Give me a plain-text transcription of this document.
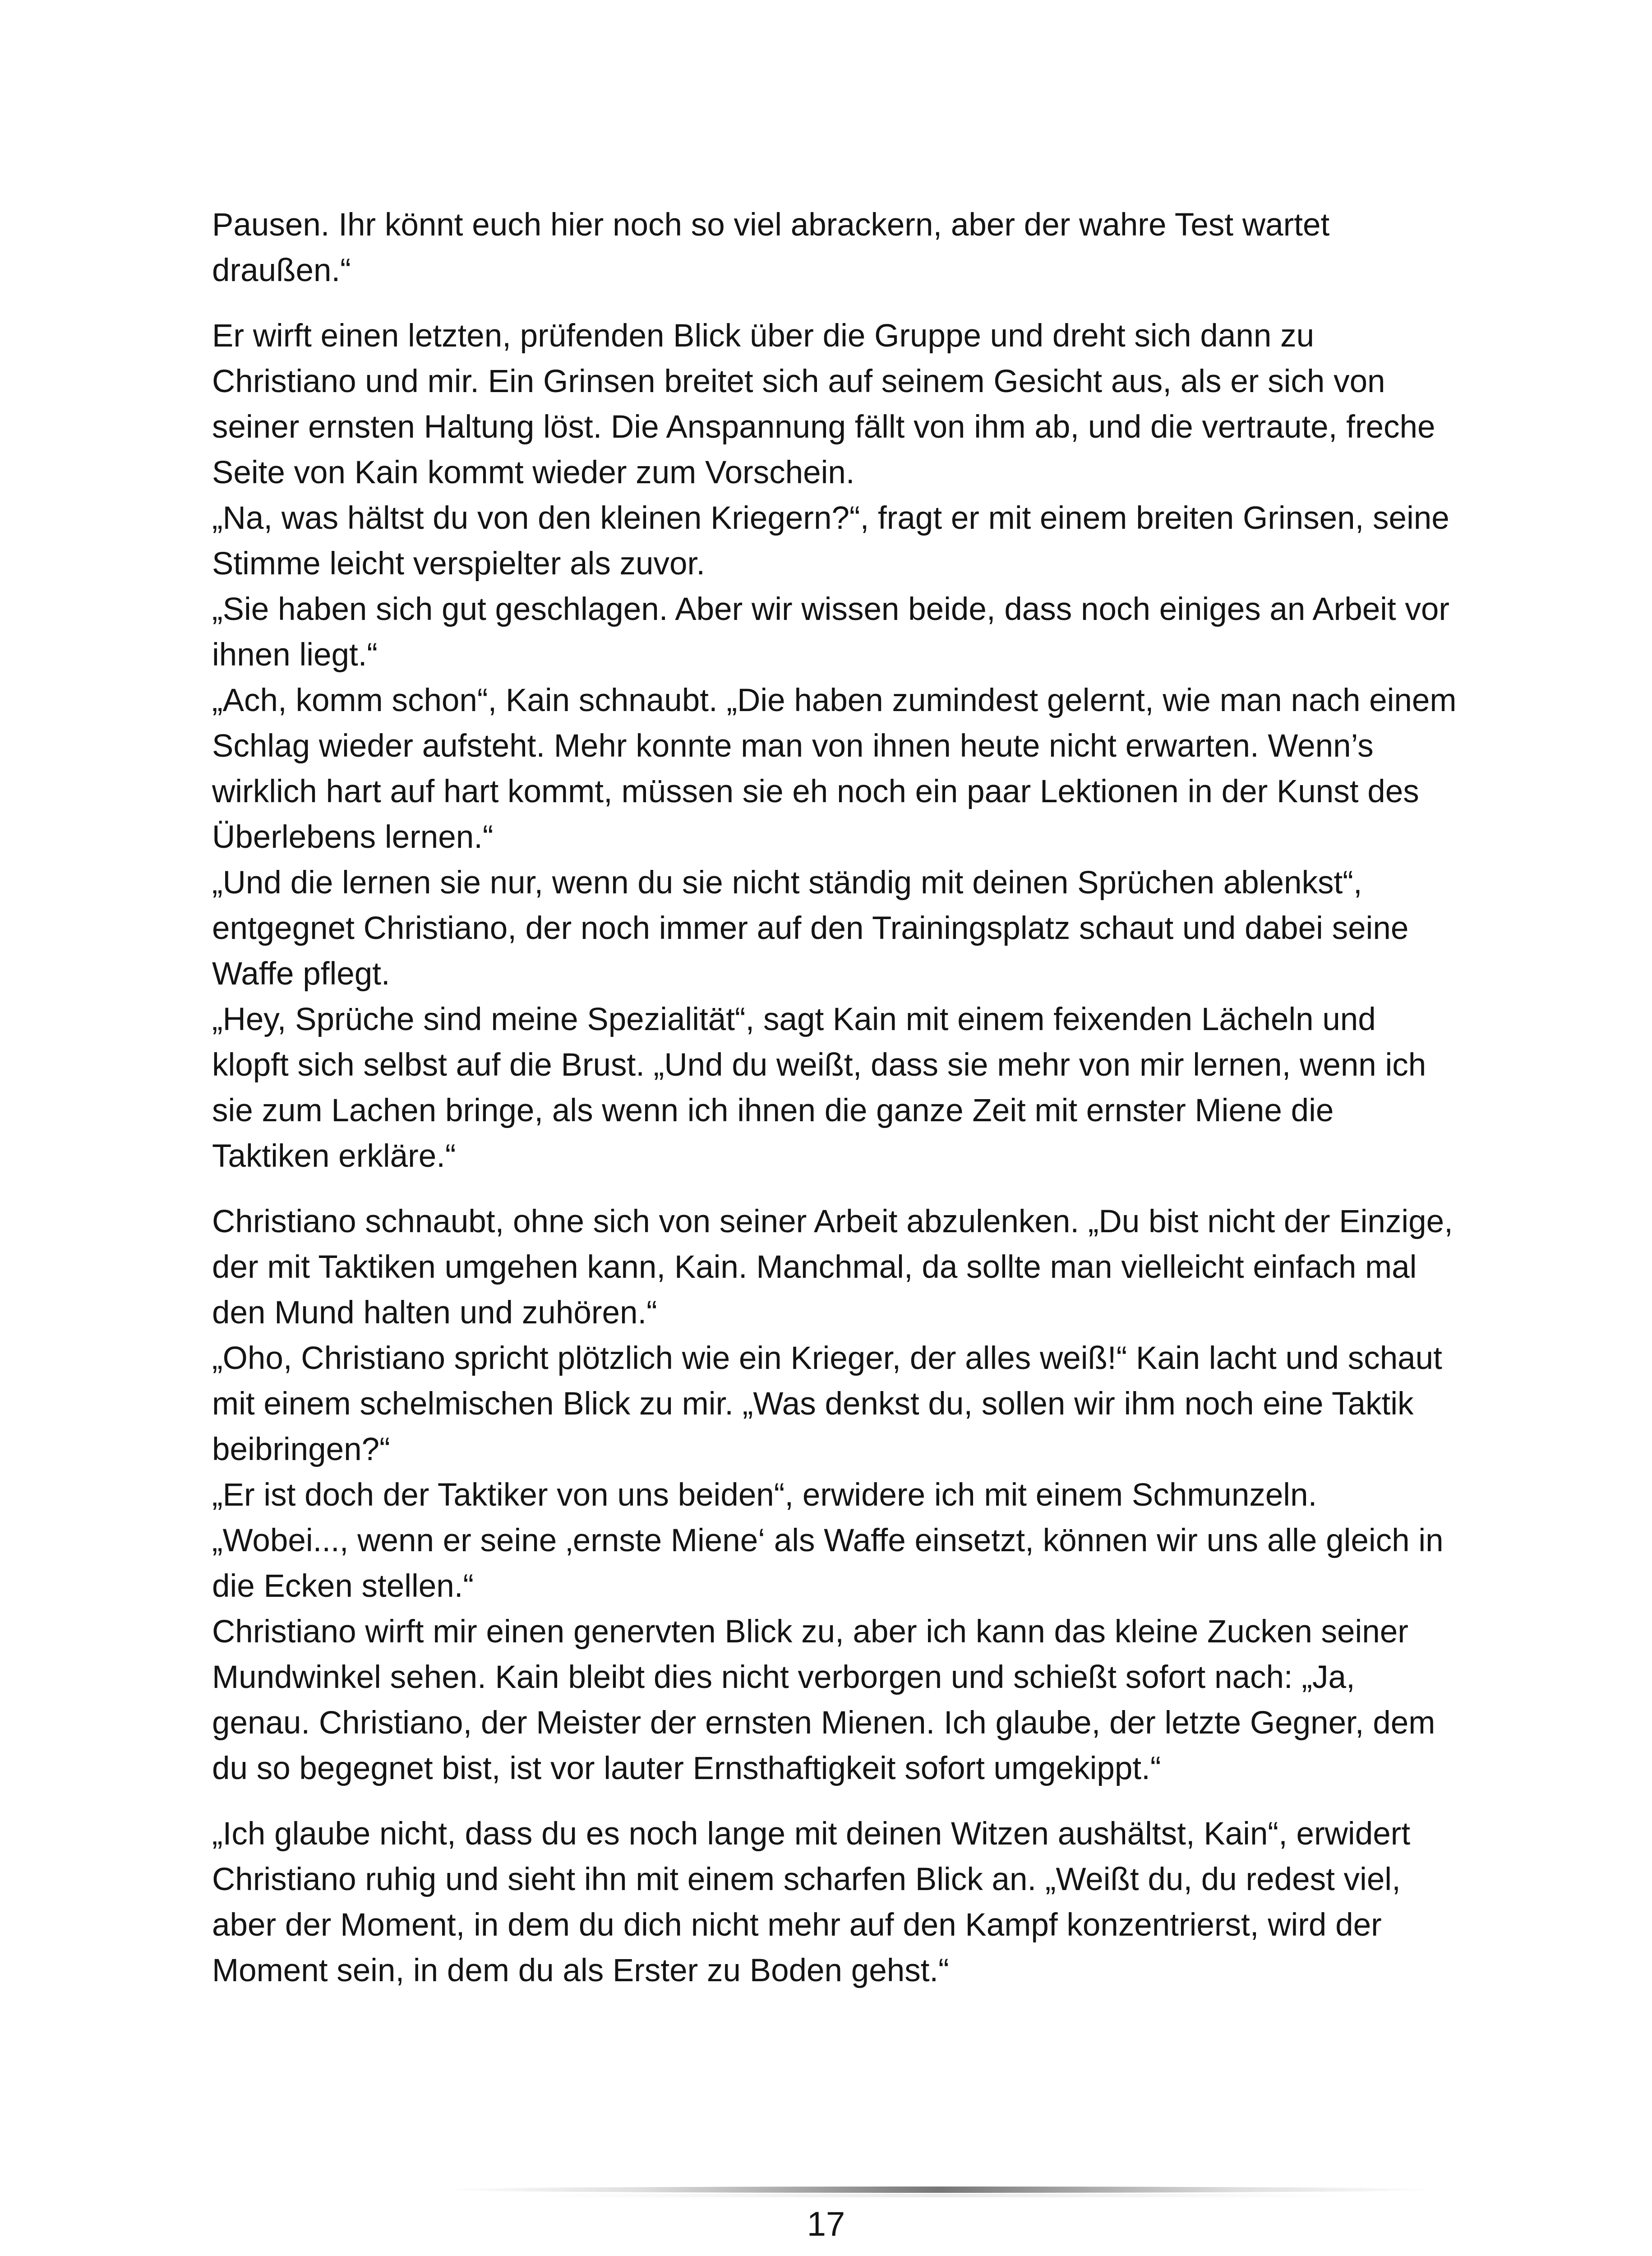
Pausen. Ihr könnt euch hier noch so viel abrackern, aber der wahre Test wartet draußen.“

Er wirft einen letzten, prüfenden Blick über die Gruppe und dreht sich dann zu Christiano und mir. Ein Grinsen breitet sich auf seinem Gesicht aus, als er sich von seiner ernsten Haltung löst. Die Anspannung fällt von ihm ab, und die vertraute, freche Seite von Kain kommt wieder zum Vorschein.

„Na, was hältst du von den kleinen Kriegern?“, fragt er mit einem breiten Grinsen, seine Stimme leicht verspielter als zuvor.

„Sie haben sich gut geschlagen. Aber wir wissen beide, dass noch einiges an Arbeit vor ihnen liegt.“

„Ach, komm schon“, Kain schnaubt. „Die haben zumindest gelernt, wie man nach einem Schlag wieder aufsteht. Mehr konnte man von ihnen heute nicht erwarten. Wenn’s wirklich hart auf hart kommt, müssen sie eh noch ein paar Lektionen in der Kunst des Überlebens lernen.“

„Und die lernen sie nur, wenn du sie nicht ständig mit deinen Sprüchen ablenkst“, entgegnet Christiano, der noch immer auf den Trainingsplatz schaut und dabei seine Waffe pflegt.

„Hey, Sprüche sind meine Spezialität“, sagt Kain mit einem feixenden Lächeln und klopft sich selbst auf die Brust. „Und du weißt, dass sie mehr von mir lernen, wenn ich sie zum Lachen bringe, als wenn ich ihnen die ganze Zeit mit ernster Miene die Taktiken erkläre.“

Christiano schnaubt, ohne sich von seiner Arbeit abzulenken. „Du bist nicht der Einzige, der mit Taktiken umgehen kann, Kain. Manchmal, da sollte man vielleicht einfach mal den Mund halten und zuhören.“

„Oho, Christiano spricht plötzlich wie ein Krieger, der alles weiß!“ Kain lacht und schaut mit einem schelmischen Blick zu mir. „Was denkst du, sollen wir ihm noch eine Taktik beibringen?“

„Er ist doch der Taktiker von uns beiden“, erwidere ich mit einem Schmunzeln. „Wobei..., wenn er seine ‚ernste Miene‘ als Waffe einsetzt, können wir uns alle gleich in die Ecken stellen.“

Christiano wirft mir einen genervten Blick zu, aber ich kann das kleine Zucken seiner Mundwinkel sehen. Kain bleibt dies nicht verborgen und schießt sofort nach: „Ja, genau. Christiano, der Meister der ernsten Mienen. Ich glaube, der letzte Gegner, dem du so begegnet bist, ist vor lauter Ernsthaftigkeit sofort umgekippt.“

„Ich glaube nicht, dass du es noch lange mit deinen Witzen aushältst, Kain“, erwidert Christiano ruhig und sieht ihn mit einem scharfen Blick an. „Weißt du, du redest viel, aber der Moment, in dem du dich nicht mehr auf den Kampf konzentrierst, wird der Moment sein, in dem du als Erster zu Boden gehst.“

17
